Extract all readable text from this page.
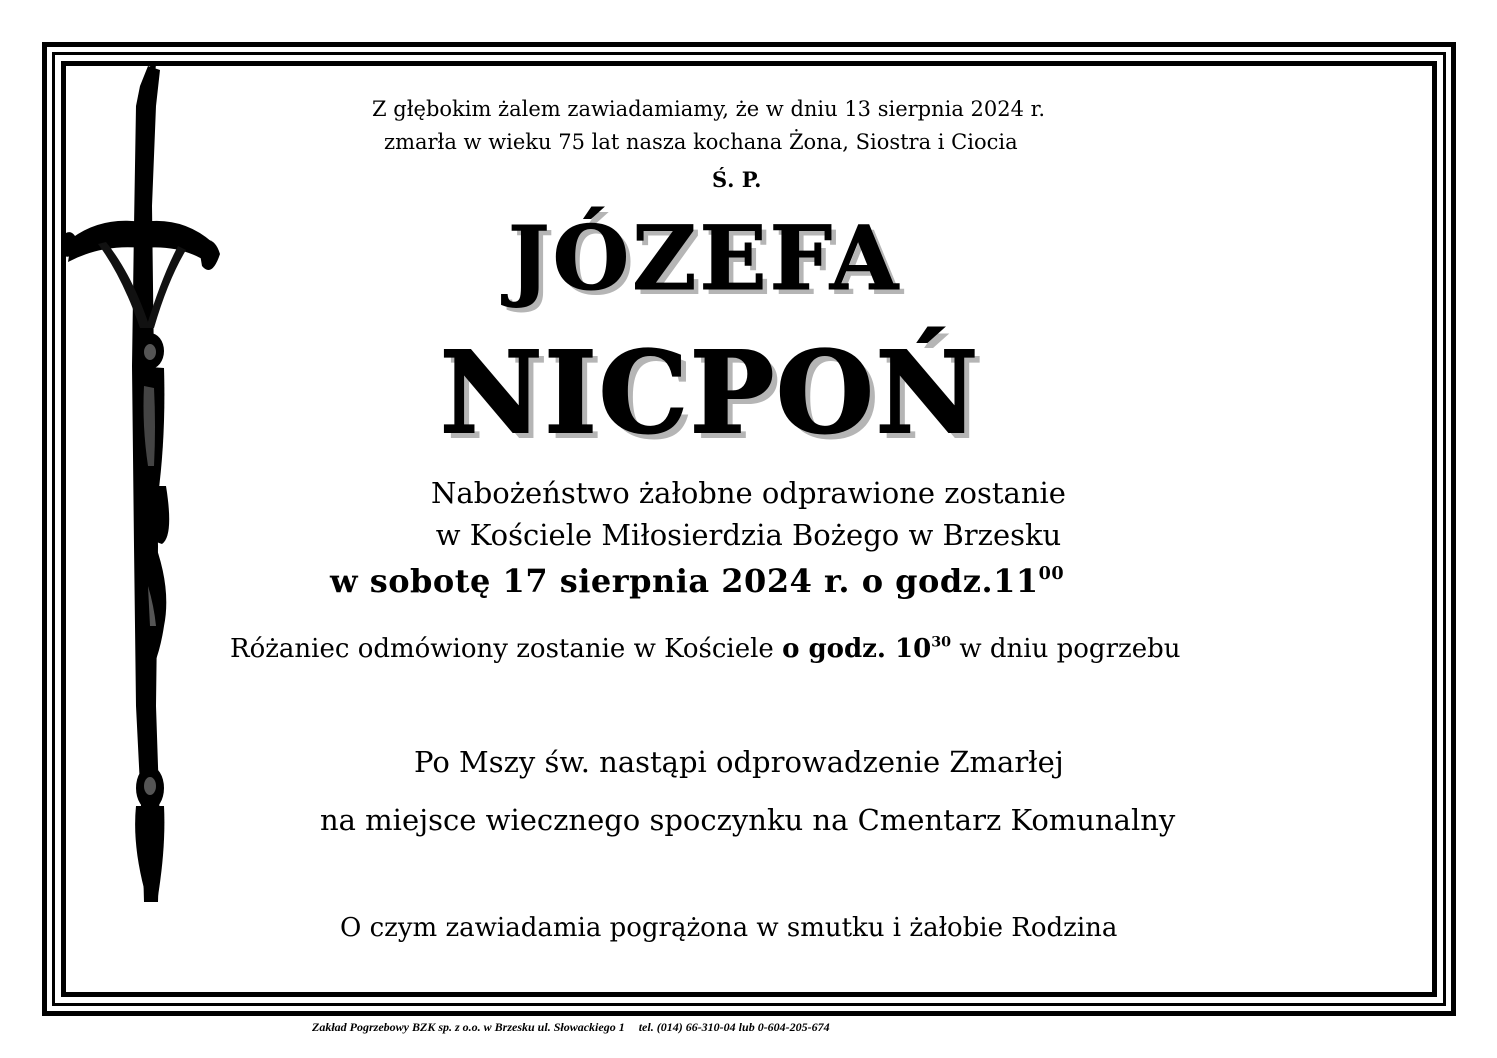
Z głębokim żalem zawiadamiamy, że w dniu 13 sierpnia 2024 r.
zmarła w wieku 75 lat nasza kochana Żona, Siostra i Ciocia
Ś. P.
JÓZEFA
NICPOŃ
Nabożeństwo żałobne odprawione zostanie
w Kościele Miłosierdzia Bożego w Brzesku
w sobotę 17 sierpnia 2024 r. o $godz.11^{00}$
Różaniec odmówiony zostanie w Kościele o godz. $10^{30}$ w dniu pogrzebu
Po Mszy św. nastąpi odprowadzenie Zmarłej
na miejsce wiecznego spoczynku na Cmentarz Komunalny
O czym zawiadamia pogrążona w smutku i żałobie Rodzina
Zakład Pogrzebowy BZK sp. z o.o. w Brzesku ul. Słowackiego 1 tel. (014) 66-310-04 lub 0-604-205-674
